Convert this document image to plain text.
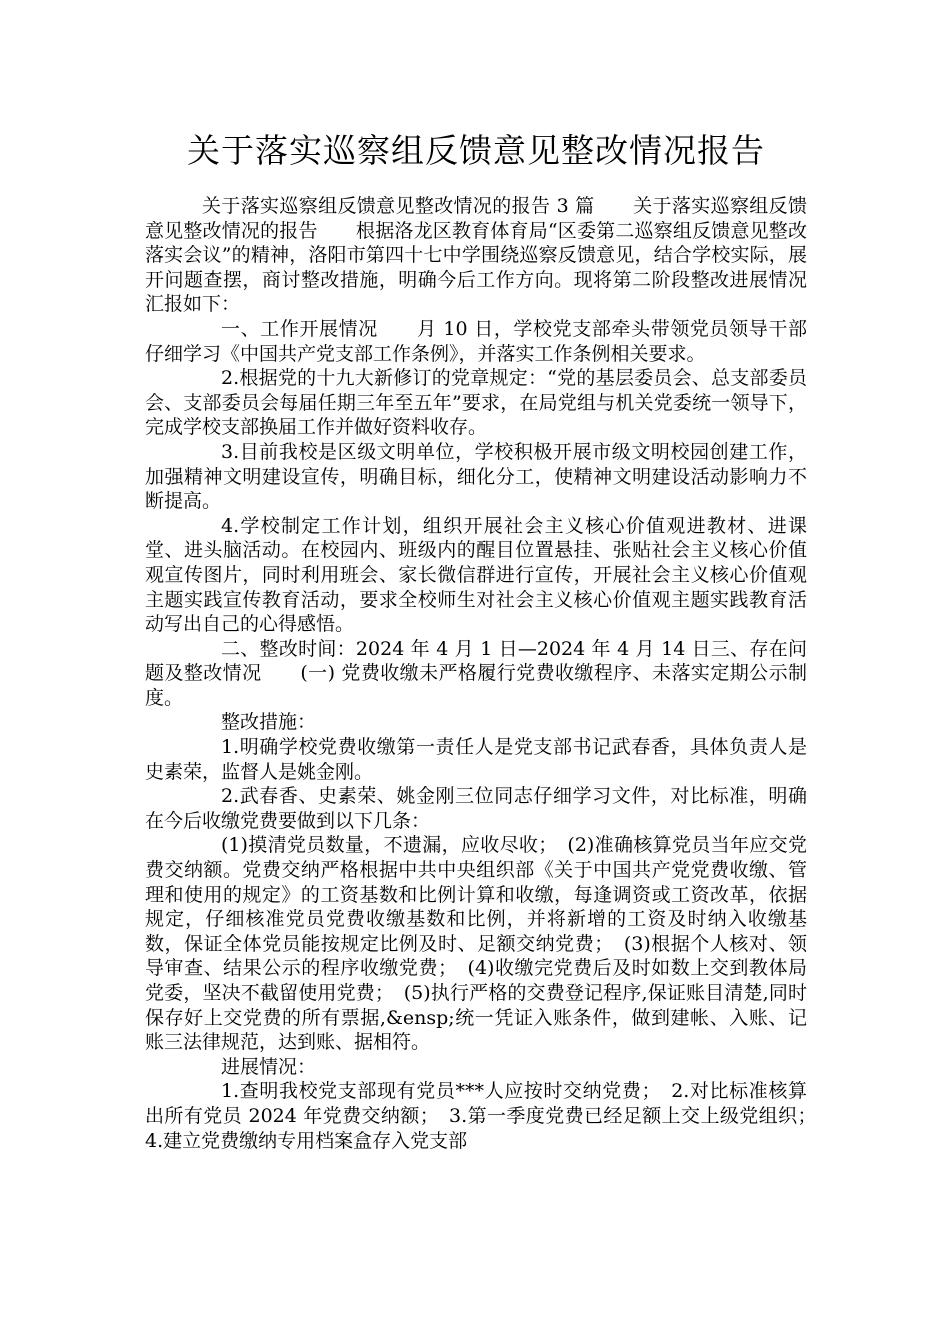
关于落实巡察组反馈意见整改情况报告

关于落实巡察组反馈意见整改情况的报告 3 篇　　关于落实巡察组反馈意见整改情况的报告　　根据洛龙区教育体育局“区委第二巡察组反馈意见整改落实会议”的精神，洛阳市第四十七中学围绕巡察反馈意见，结合学校实际，展开问题查摆，商讨整改措施，明确今后工作方向。现将第二阶段整改进展情况汇报如下：

一、工作开展情况　　月 10 日，学校党支部牵头带领党员领导干部仔细学习《中国共产党支部工作条例》，并落实工作条例相关要求。

2.根据党的十九大新修订的党章规定：“党的基层委员会、总支部委员会、支部委员会每届任期三年至五年”要求，在局党组与机关党委统一领导下，完成学校支部换届工作并做好资料收存。

3.目前我校是区级文明单位，学校积极开展市级文明校园创建工作，加强精神文明建设宣传，明确目标，细化分工，使精神文明建设活动影响力不断提高。

4.学校制定工作计划，组织开展社会主义核心价值观进教材、进课堂、进头脑活动。在校园内、班级内的醒目位置悬挂、张贴社会主义核心价值观宣传图片，同时利用班会、家长微信群进行宣传，开展社会主义核心价值观主题实践宣传教育活动，要求全校师生对社会主义核心价值观主题实践教育活动写出自己的心得感悟。

二、整改时间：2024 年 4 月 1 日—2024 年 4 月 14 日三、存在问题及整改情况　　(一) 党费收缴未严格履行党费收缴程序、未落实定期公示制度。

整改措施：

1.明确学校党费收缴第一责任人是党支部书记武春香，具体负责人是史素荣，监督人是姚金刚。

2.武春香、史素荣、姚金刚三位同志仔细学习文件，对比标准，明确在今后收缴党费要做到以下几条：

(1)摸清党员数量，不遗漏，应收尽收；　(2)准确核算党员当年应交党费交纳额。党费交纳严格根据中共中央组织部《关于中国共产党党费收缴、管理和使用的规定》的工资基数和比例计算和收缴，每逢调资或工资改革，依据规定，仔细核准党员党费收缴基数和比例，并将新增的工资及时纳入收缴基数，保证全体党员能按规定比例及时、足额交纳党费；　(3)根据个人核对、领导审查、结果公示的程序收缴党费；　(4)收缴完党费后及时如数上交到教体局党委，坚决不截留使用党费；　(5)执行严格的交费登记程序,保证账目清楚,同时保存好上交党费的所有票据,&ensp;统一凭证入账条件，做到建帐、入账、记账三法律规范，达到账、据相符。

进展情况：

1.查明我校党支部现有党员***人应按时交纳党费；　2.对比标准核算出所有党员 2024 年党费交纳额；　3.第一季度党费已经足额上交上级党组织；　4.建立党费缴纳专用档案盒存入党支部
